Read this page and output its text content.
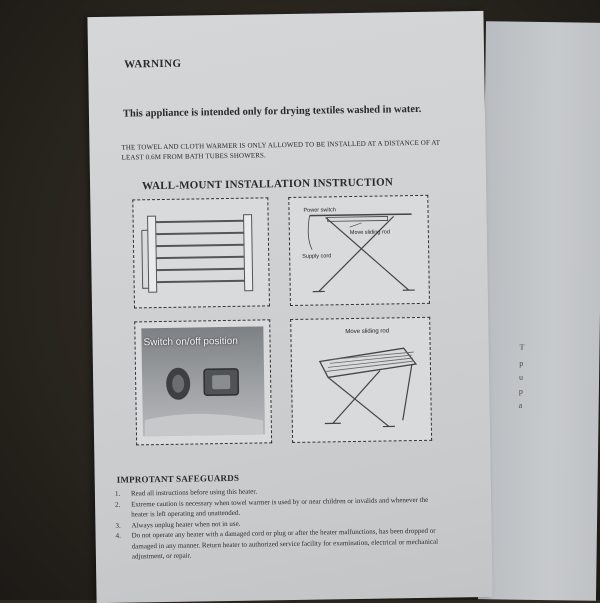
T
p
u
p
a
WARNING
This appliance is intended only for drying textiles washed in water.
THE TOWEL AND CLOTH WARMER IS ONLY ALLOWED TO BE INSTALLED AT A DISTANCE OF AT LEAST 0.6M FROM BATH TUBES SHOWERS.
WALL-MOUNT INSTALLATION INSTRUCTION
Power switch
Move sliding rod
Supply cord
Switch on/off position
Move sliding rod
IMPROTANT SAFEGUARDS
1. Read all instructions before using this heater.
2. Extreme caution is necessary when towel warmer is used by or near children or invalids and whenever the heater is left operating and unattended.
3. Always unplug heater when not in use.
4. Do not operate any heater with a damaged cord or plug or after the heater malfunctions, has been dropped or damaged in any manner. Return heater to authorized service facility for examination, electrical or mechanical adjustment, or repair.
